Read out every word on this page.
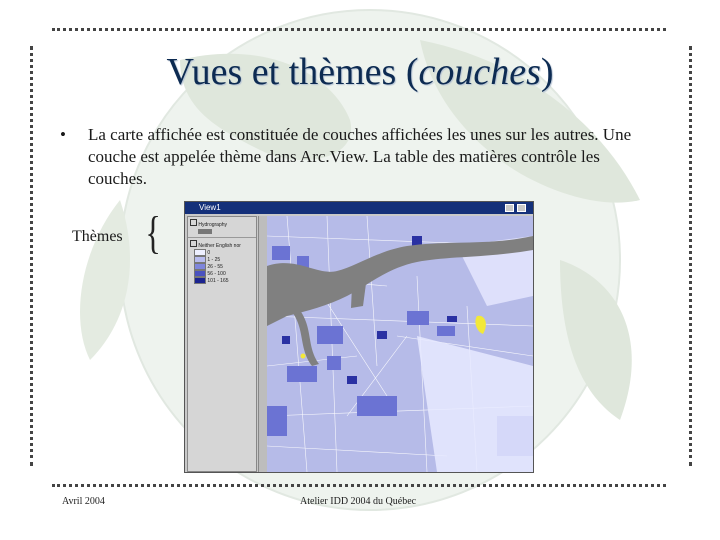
Vues et thèmes (couches)
• La carte affichée est constituée de couches affichées les unes sur les autres. Une couche est appelée thème dans Arc.View. La table des matières contrôle les couches.
Thèmes {	View1
Hydrography
Neither English nor
0
1 - 25
26 - 55
56 - 100
101 - 165
Avril 2004	Atelier IDD 2004 du Québec
